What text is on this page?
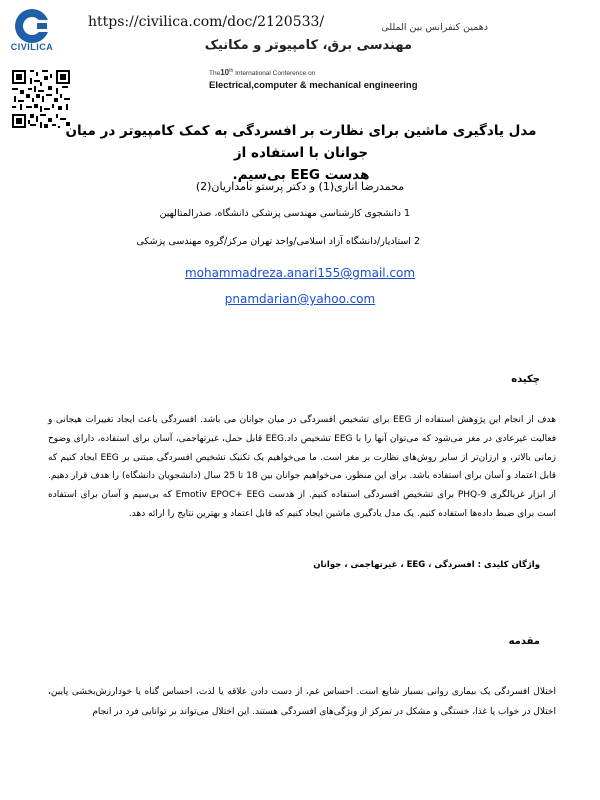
CIVILICA
https://civilica.com/doc/2120533/	دهمین کنفرانس بین المللی
مهندسی برق، کامپیوتر و مکانیک
The10th International Conference on
Electrical,computer & mechanical engineering
مدل یادگیری ماشین برای نظارت بر افسردگی به کمک کامپیوتر در میان جوانان با استفاده از
هدست EEG بی‌سیم.
محمدرضا اناری(1) و دکتر پرستو نامداریان(2)
1 دانشجوی کارشناسی مهندسی پزشکی دانشگاه، صدرالمتالهین
2 استادیار/دانشگاه آزاد اسلامی/واحد تهران مرکز/گروه مهندسی پزشکی
mohammadreza.anari155@gmail.com
pnamdarian@yahoo.com
چکیده
هدف از انجام این پژوهش استفاده از EEG برای تشخیص افسردگی در میان جوانان می باشد. افسردگی باعث ایجاد تغییرات هیجانی و فعالیت غیرعادی در مغز می‌شود که می‌توان آنها را با EEG تشخیص داد.EEG قابل حمل، غیرتهاجمی، آسان برای استفاده، دارای وضوح زمانی بالاتر، و ارزان‌تر از سایر روش‌های نظارت بر مغز است. ما می‌خواهیم یک تکنیک تشخیص افسردگی مبتنی بر EEG ایجاد کنیم که قابل اعتماد و آسان برای استفاده باشد. برای این منظور، می‌خواهیم جوانان بین 18 تا 25 سال (دانشجویان دانشگاه) را هدف قرار دهیم. از ابزار غربالگری PHQ-9 برای تشخیص افسردگی استفاده کنیم. از هدست Emotiv EPOC+ EEG که بی‌سیم و آسان برای استفاده است برای ضبط داده‌ها استفاده کنیم. یک مدل یادگیری ماشین ایجاد کنیم که قابل اعتماد و بهترین نتایج را ارائه دهد.
واژگان کلیدی : افسردگی ، EEG ، غیرتهاجمی ، جوانان
مقدمه
اختلال افسردگی یک بیماری روانی بسیار شایع است. احساس غم، از دست دادن علاقه یا لذت، احساس گناه یا خودارزش‌بخشی پایین، اختلال در خواب یا غذا، خستگی و مشکل در تمرکز از ویژگی‌های افسردگی هستند. این اختلال می‌تواند بر توانایی فرد در انجام
